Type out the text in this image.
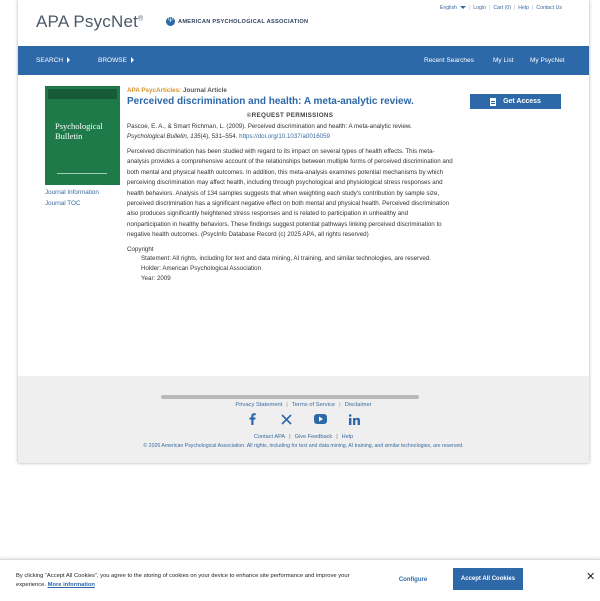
APA PsycNet®	Ψ AMERICAN PSYCHOLOGICAL ASSOCIATION
English	| Login | Cart (0) | Help | Contact Us
SEARCH	BROWSE	Recent Searches	My List	My PsycNet
Psychological
Bulletin
Journal Information
Journal TOC
APA PsycArticles: Journal Article
Perceived discrimination and health: A meta-analytic review.
©REQUEST PERMISSIONS
Pascoe, E. A., & Smart Richman, L. (2009). Perceived discrimination and health: A meta-analytic review.
Psychological Bulletin, 135(4), 531–554. https://doi.org/10.1037/a0016059
Perceived discrimination has been studied with regard to its impact on several types of health effects. This meta-analysis provides a comprehensive account of the relationships between multiple forms of perceived discrimination and both mental and physical health outcomes. In addition, this meta-analysis examines potential mechanisms by which perceiving discrimination may affect health, including through psychological and physiological stress responses and health behaviors. Analysis of 134 samples suggests that when weighting each study's contribution by sample size, perceived discrimination has a significant negative effect on both mental and physical health. Perceived discrimination also produces significantly heightened stress responses and is related to participation in unhealthy and nonparticipation in healthy behaviors. These findings suggest potential pathways linking perceived discrimination to negative health outcomes. (PsycInfo Database Record (c) 2025 APA, all rights reserved)
Copyright
Statement: All rights, including for text and data mining, AI training, and similar technologies, are reserved.
Holder: American Psychological Association
Year: 2009
Get Access
Privacy Statement | Terms of Service | Disclaimer
Contact APA | Give Feedback | Help
© 2026 American Psychological Association. All rights, including for text and data mining, AI training, and similar technologies, are reserved.
By clicking “Accept All Cookies”, you agree to the storing of cookies on your device to enhance site performance and improve your experience. More information
Configure	Accept All Cookies	✕
